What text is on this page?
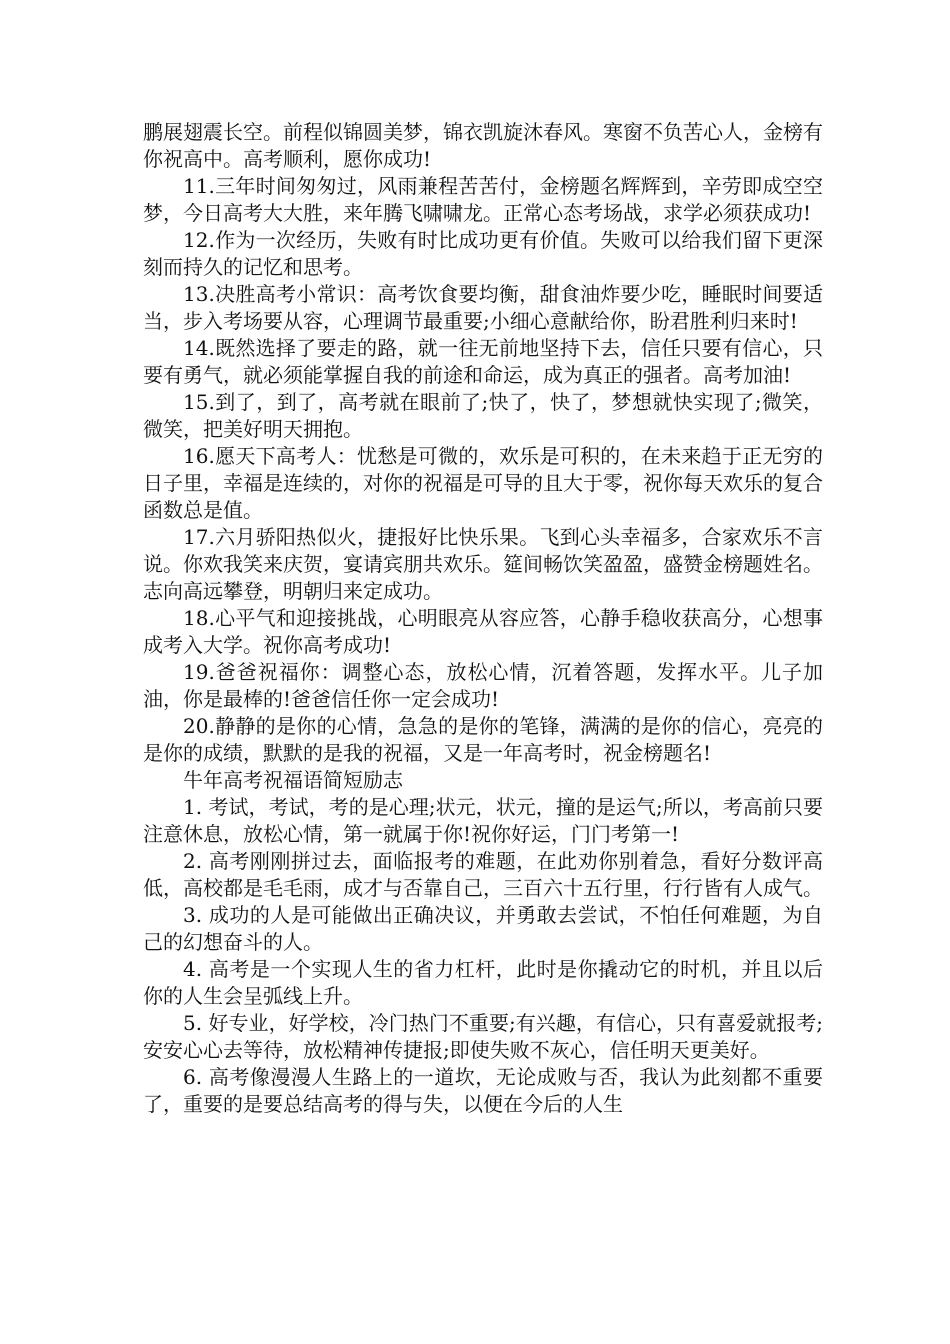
鹏展翅震长空。前程似锦圆美梦，锦衣凯旋沐春风。寒窗不负苦心人，金榜有你祝高中。高考顺利，愿你成功!

11.三年时间匆匆过，风雨兼程苦苦付，金榜题名辉辉到，辛劳即成空空梦，今日高考大大胜，来年腾飞啸啸龙。正常心态考场战，求学必须获成功!

12.作为一次经历，失败有时比成功更有价值。失败可以给我们留下更深刻而持久的记忆和思考。

13.决胜高考小常识：高考饮食要均衡，甜食油炸要少吃，睡眠时间要适当，步入考场要从容，心理调节最重要;小细心意献给你，盼君胜利归来时!

14.既然选择了要走的路，就一往无前地坚持下去，信任只要有信心，只要有勇气，就必须能掌握自我的前途和命运，成为真正的强者。高考加油!

15.到了，到了，高考就在眼前了;快了，快了，梦想就快实现了;微笑，微笑，把美好明天拥抱。

16.愿天下高考人：忧愁是可微的，欢乐是可积的，在未来趋于正无穷的日子里，幸福是连续的，对你的祝福是可导的且大于零，祝你每天欢乐的复合函数总是值。

17.六月骄阳热似火，捷报好比快乐果。飞到心头幸福多，合家欢乐不言说。你欢我笑来庆贺，宴请宾朋共欢乐。筵间畅饮笑盈盈，盛赞金榜题姓名。志向高远攀登，明朝归来定成功。

18.心平气和迎接挑战，心明眼亮从容应答，心静手稳收获高分，心想事成考入大学。祝你高考成功!

19.爸爸祝福你：调整心态，放松心情，沉着答题，发挥水平。儿子加油，你是最棒的!爸爸信任你一定会成功!

20.静静的是你的心情，急急的是你的笔锋，满满的是你的信心，亮亮的是你的成绩，默默的是我的祝福，又是一年高考时，祝金榜题名!

牛年高考祝福语简短励志

1. 考试，考试，考的是心理;状元，状元，撞的是运气;所以，考高前只要注意休息，放松心情，第一就属于你!祝你好运，门门考第一!

2. 高考刚刚拼过去，面临报考的难题，在此劝你别着急，看好分数评高低，高校都是毛毛雨，成才与否靠自己，三百六十五行里，行行皆有人成气。

3. 成功的人是可能做出正确决议，并勇敢去尝试，不怕任何难题，为自己的幻想奋斗的人。

4. 高考是一个实现人生的省力杠杆，此时是你撬动它的时机，并且以后你的人生会呈弧线上升。

5. 好专业，好学校，冷门热门不重要;有兴趣，有信心，只有喜爱就报考;安安心心去等待，放松精神传捷报;即使失败不灰心，信任明天更美好。

6. 高考像漫漫人生路上的一道坎，无论成败与否，我认为此刻都不重要了，重要的是要总结高考的得与失，以便在今后的人生
